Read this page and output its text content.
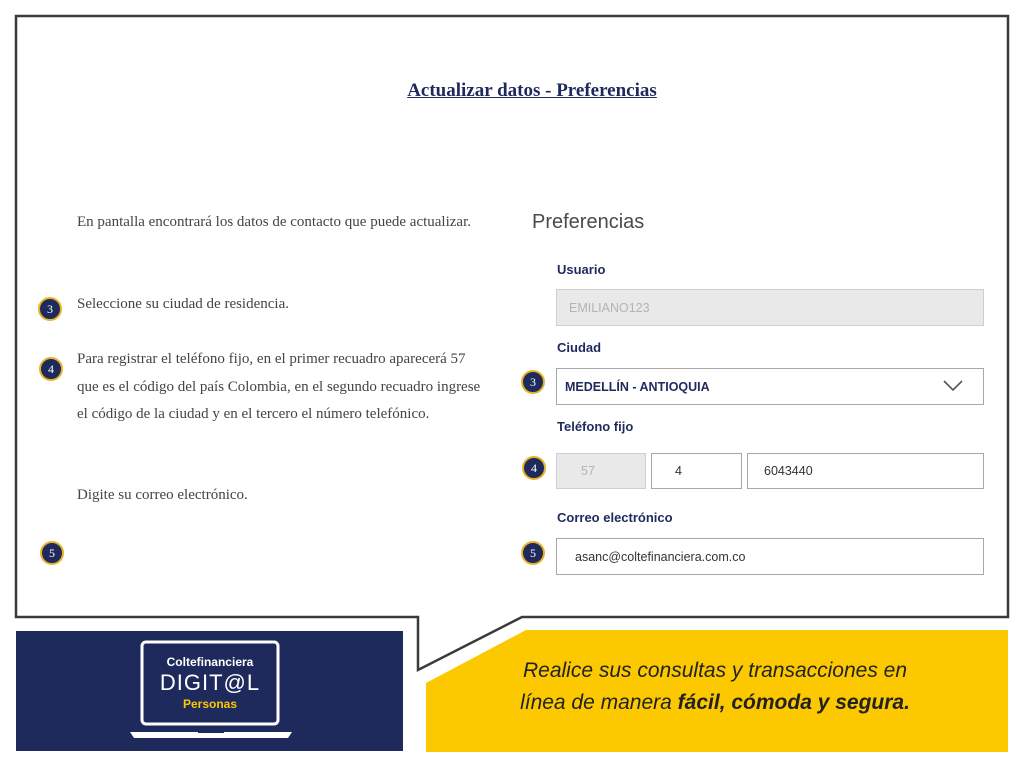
Actualizar datos - Preferencias
En pantalla encontrará los datos de contacto que puede actualizar.
Seleccione su ciudad de residencia.
Para registrar el teléfono fijo, en el primer recuadro aparecerá 57 que es el código del país Colombia, en el segundo recuadro ingrese el código de la ciudad y en el tercero el número telefónico.
Digite su correo electrónico.
3
4
5
Preferencias
Usuario
EMILIANO123
Ciudad
MEDELLÍN - ANTIOQUIA
3
Teléfono fijo
57	4	6043440
4
Correo electrónico
asanc@coltefinanciera.com.co
5
Coltefinanciera
DIGIT@L
Personas
Realice sus consultas y transacciones en
línea de manera fácil, cómoda y segura.
